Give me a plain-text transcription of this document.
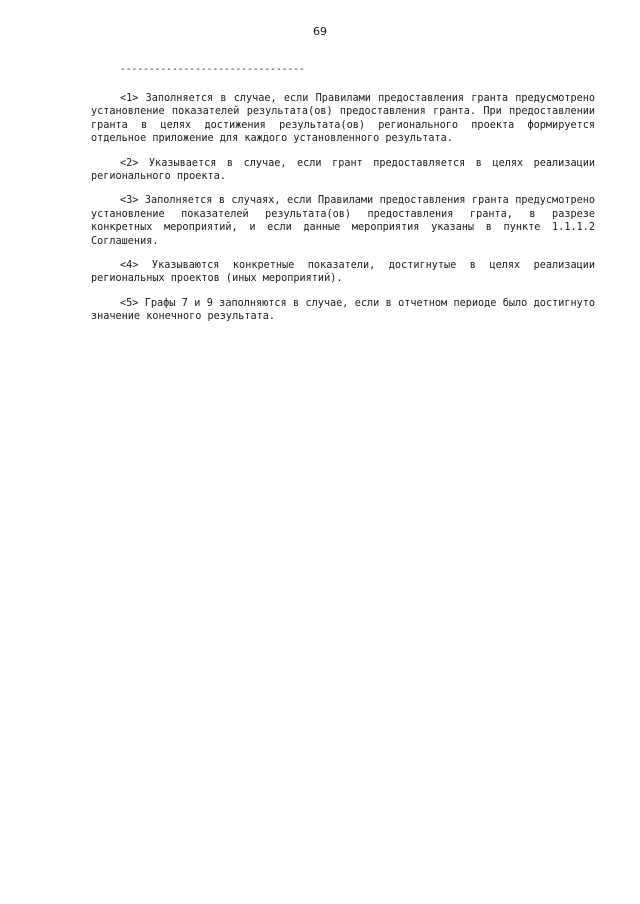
69
--------------------------------

<1> Заполняется в случае, если Правилами предоставления гранта предусмотрено установление показателей результата(ов) предоставления гранта. При предоставлении гранта в целях достижения результата(ов) регионального проекта формируется отдельное приложение для каждого установленного результата.

<2> Указывается в случае, если грант предоставляется в целях реализации регионального проекта.

<3> Заполняется в случаях, если Правилами предоставления гранта предусмотрено установление показателей результата(ов) предоставления гранта, в разрезе конкретных мероприятий, и если данные мероприятия указаны в пункте 1.1.1.2 Соглашения.

<4> Указываются конкретные показатели, достигнутые в целях реализации региональных проектов (иных мероприятий).

<5> Графы 7 и 9 заполняются в случае, если в отчетном периоде было достигнуто значение конечного результата.
